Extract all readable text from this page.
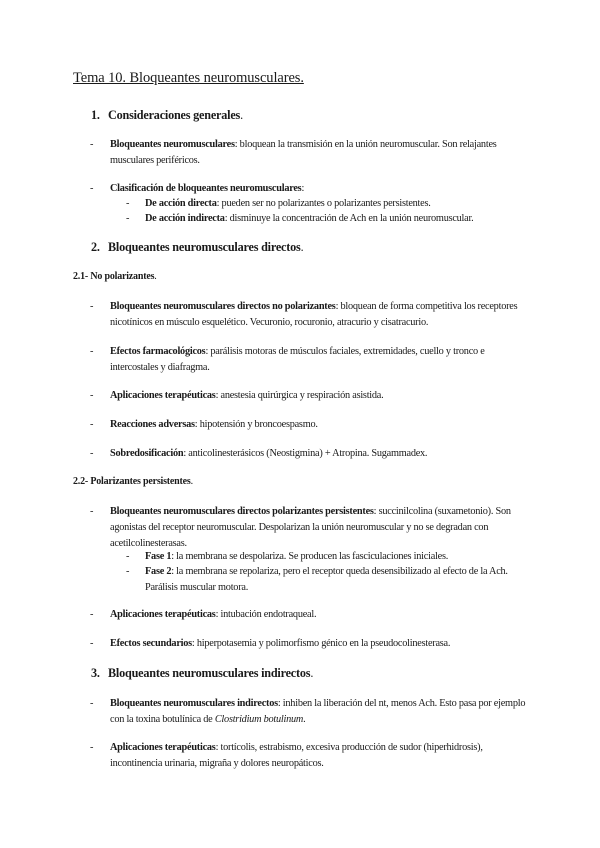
Tema 10. Bloqueantes neuromusculares.
1. Consideraciones generales.
- Bloqueantes neuromusculares: bloquean la transmisión en la unión neuromuscular. Son relajantes musculares periféricos.
- Clasificación de bloqueantes neuromusculares:
- De acción directa: pueden ser no polarizantes o polarizantes persistentes.
- De acción indirecta: disminuye la concentración de Ach en la unión neuromuscular.
2. Bloqueantes neuromusculares directos.
2.1- No polarizantes.
- Bloqueantes neuromusculares directos no polarizantes: bloquean de forma competitiva los receptores nicotínicos en músculo esquelético. Vecuronio, rocuronio, atracurio y cisatracurio.
- Efectos farmacológicos: parálisis motoras de músculos faciales, extremidades, cuello y tronco e intercostales y diafragma.
- Aplicaciones terapéuticas: anestesia quirúrgica y respiración asistida.
- Reacciones adversas: hipotensión y broncoespasmo.
- Sobredosificación: anticolinesterásicos (Neostigmina) + Atropina. Sugammadex.
2.2- Polarizantes persistentes.
- Bloqueantes neuromusculares directos polarizantes persistentes: succinilcolina (suxametonio). Son agonistas del receptor neuromuscular. Despolarizan la unión neuromuscular y no se degradan con acetilcolinesterasas.
- Fase 1: la membrana se despolariza. Se producen las fasciculaciones iniciales.
- Fase 2: la membrana se repolariza, pero el receptor queda desensibilizado al efecto de la Ach. Parálisis muscular motora.
- Aplicaciones terapéuticas: intubación endotraqueal.
- Efectos secundarios: hiperpotasemia y polimorfismo génico en la pseudocolinesterasa.
3. Bloqueantes neuromusculares indirectos.
- Bloqueantes neuromusculares indirectos: inhiben la liberación del nt, menos Ach. Esto pasa por ejemplo con la toxina botulínica de Clostridium botulinum.
- Aplicaciones terapéuticas: tortícolis, estrabismo, excesiva producción de sudor (hiperhidrosis), incontinencia urinaria, migraña y dolores neuropáticos.
